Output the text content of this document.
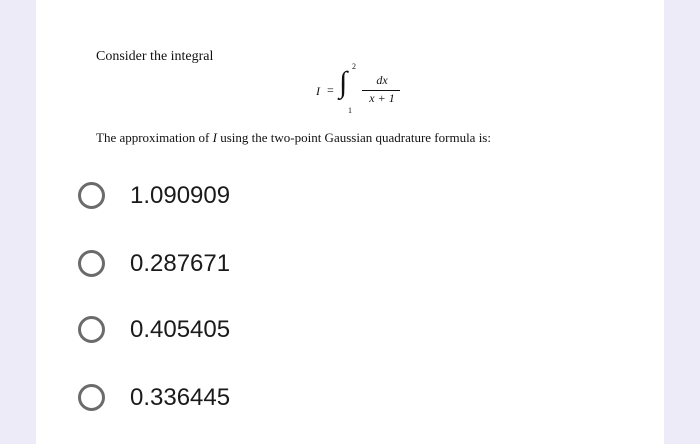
Consider the integral
I = ∫ 2
1
dx
x + 1
The approximation of I using the two-point Gaussian quadrature formula is:
1.090909
0.287671
0.405405
0.336445
